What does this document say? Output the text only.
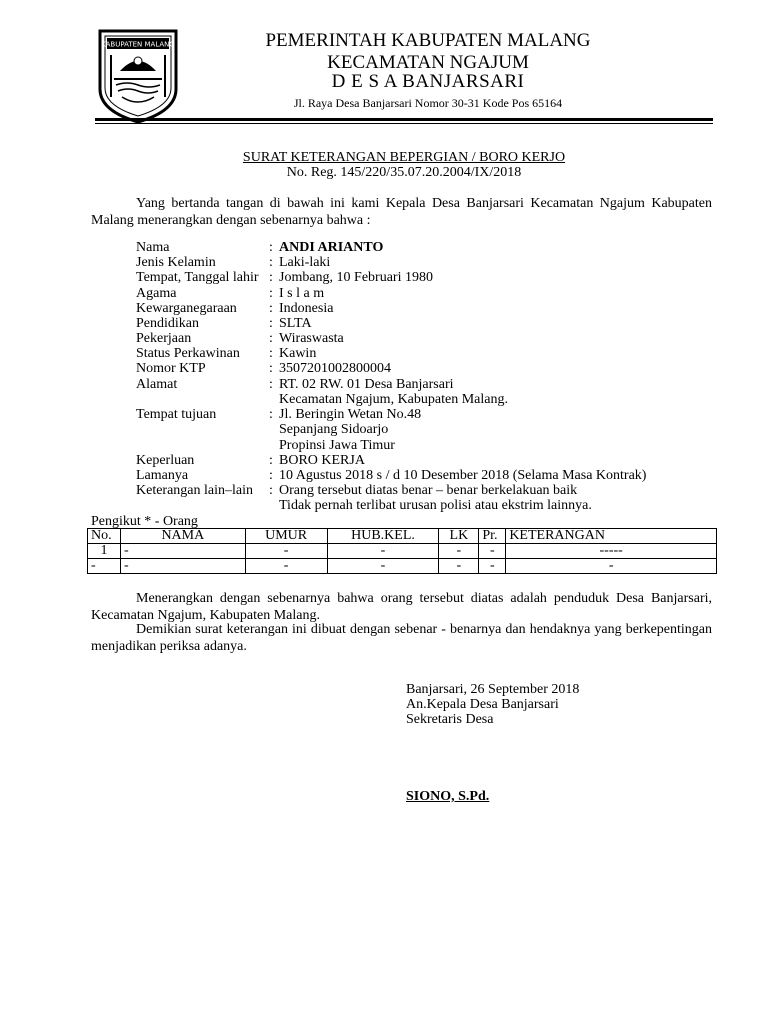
KABUPATEN MALANG	PEMERINTAH KABUPATEN MALANG
KECAMATAN NGAJUM
D E S A BANJARSARI
Jl. Raya Desa Banjarsari Nomor 30-31 Kode Pos 65164
SURAT KETERANGAN BEPERGIAN / BORO KERJO
No. Reg. 145/220/35.07.20.2004/IX/2018
Yang bertanda tangan di bawah ini kami Kepala Desa Banjarsari Kecamatan Ngajum Kabupaten Malang menerangkan dengan sebenarnya bahwa :
Nama	: ANDI ARIANTO
Jenis Kelamin	: Laki-laki
Tempat, Tanggal lahir : Jombang, 10 Februari 1980
Agama	: I s l a m
Kewarganegaraan : Indonesia
Pendidikan	: SLTA
Pekerjaan	: Wiraswasta
Status Perkawinan : Kawin
Nomor KTP	: 3507201002800004
Alamat	: RT. 02 RW. 01 Desa Banjarsari
Kecamatan Ngajum, Kabupaten Malang.
Tempat tujuan	: Jl. Beringin Wetan No.48
Sepanjang Sidoarjo
Propinsi Jawa Timur
Keperluan	: BORO KERJA
Lamanya	: 10 Agustus 2018 s / d 10 Desember 2018 (Selama Masa Kontrak)
Keterangan lain–lain : Orang tersebut diatas benar – benar berkelakuan baik
Tidak pernah terlibat urusan polisi atau ekstrim lainnya.
Pengikut * - Orang
No.	NAMA	UMUR	HUB.KEL.	LK	Pr.	KETERANGAN
1	-	-	-	-	-	-----
-	-	-	-	-	-	-
Menerangkan dengan sebenarnya bahwa orang tersebut diatas adalah penduduk Desa Banjarsari, Kecamatan Ngajum, Kabupaten Malang.
Demikian surat keterangan ini dibuat dengan sebenar - benarnya dan hendaknya yang berkepentingan menjadikan periksa adanya.
Banjarsari, 26 September 2018
An.Kepala Desa Banjarsari
Sekretaris Desa
SIONO, S.Pd.
